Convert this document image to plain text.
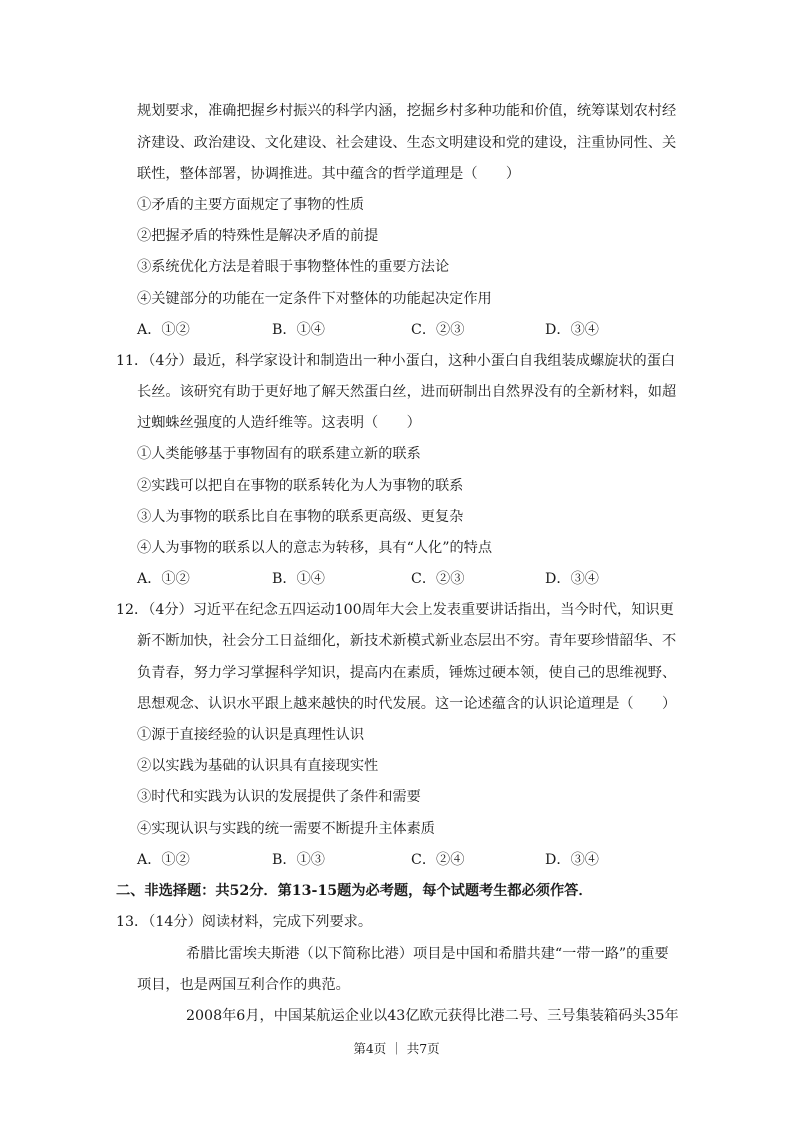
规划要求，准确把握乡村振兴的科学内涵，挖掘乡村多种功能和价值，统筹谋划农村经
济建设、政治建设、文化建设、社会建设、生态文明建设和党的建设，注重协同性、关
联性，整体部署，协调推进。其中蕴含的哲学道理是（　　）
①矛盾的主要方面规定了事物的性质
②把握矛盾的特殊性是解决矛盾的前提
③系统优化方法是着眼于事物整体性的重要方法论
④关键部分的功能在一定条件下对整体的功能起决定作用
A．①②	B．①④	C．②③	D．③④
11．（4分）最近，科学家设计和制造出一种小蛋白，这种小蛋白自我组装成螺旋状的蛋白
长丝。该研究有助于更好地了解天然蛋白丝，进而研制出自然界没有的全新材料，如超
过蜘蛛丝强度的人造纤维等。这表明（　　）
①人类能够基于事物固有的联系建立新的联系
②实践可以把自在事物的联系转化为人为事物的联系
③人为事物的联系比自在事物的联系更高级、更复杂
④人为事物的联系以人的意志为转移，具有“人化”的特点
A．①②	B．①④	C．②③	D．③④
12．（4分）习近平在纪念五四运动100周年大会上发表重要讲话指出，当今时代，知识更
新不断加快，社会分工日益细化，新技术新模式新业态层出不穷。青年要珍惜韶华、不
负青春，努力学习掌握科学知识，提高内在素质，锤炼过硬本领，使自己的思维视野、
思想观念、认识水平跟上越来越快的时代发展。这一论述蕴含的认识论道理是（　　）
①源于直接经验的认识是真理性认识
②以实践为基础的认识具有直接现实性
③时代和实践为认识的发展提供了条件和需要
④实现认识与实践的统一需要不断提升主体素质
A．①②	B．①③	C．②④	D．③④
二、非选择题：共52分．第13-15题为必考题，每个试题考生都必须作答．
13．（14分）阅读材料，完成下列要求。
希腊比雷埃夫斯港（以下简称比港）项目是中国和希腊共建“一带一路”的重要
项目，也是两国互利合作的典范。
2008年6月，中国某航运企业以43亿欧元获得比港二号、三号集装箱码头35年
第4页 ｜ 共7页
